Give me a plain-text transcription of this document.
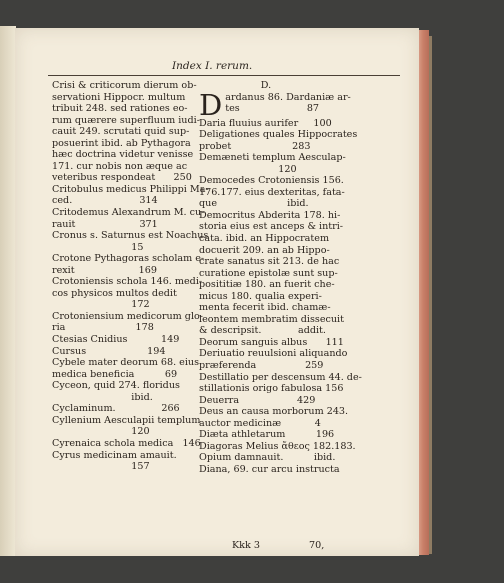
Index I. rerum.
Crisi & criticorum dierum ob-
servationi Hippocr. multum
tribuit 248. sed rationes eo-
rum quærere superfluum iudi-
cauit 249. scrutati quid sup-
posuerint ibid. ab Pythagora
hæc doctrina videtur venisse
171. cur nobis non æque ac
veteribus respondeat      250
Critobulus medicus Philippi Ma-
ced.                      314
Critodemus Alexandrum M. cu-
rauit                     371
Cronus s. Saturnus est Noachus
15
Crotone Pythagoras scholam e-
rexit                     169
Crotoniensis schola 146. medi-
cos physicos multos dedit
172
Crotoniensium medicorum glo-
ria                       178
Ctesias Cnidius           149
Cursus                    194
Cybele mater deorum 68. eius
medica beneficia          69
Cyceon, quid 274. floridus
ibid.
Cyclaminum.               266
Cyllenium Aesculapii templum
120
Cyrenaica schola medica   146
Cyrus medicinam amauit.
157
D.
D ardanus 86. Dardaniæ ar-
tes                      87
Daria fluuius aurifer     100
Deligationes quales Hippocrates
probet                    283
Demæneti templum Aesculap-
120
Democedes Crotoniensis 156.
176.177. eius dexteritas, fata-
que                       ibid.
Democritus Abderita 178. hi-
storia eius est anceps & intri-
cata. ibid. an Hippocratem
docuerit 209. an ab Hippo-
crate sanatus sit 213. de hac
curatione epistolæ sunt sup-
posititiæ 180. an fuerit che-
micus 180. qualia experi-
menta fecerit ibid. chamæ-
leontem membratim dissecuit
& descripsit.            addit.
Deorum sanguis albus      111
Deriuatio reuulsioni aliquando
præferenda                259
Destillatio per descensum 44. de-
stillationis origo fabulosa 156
Deuerra                   429
Deus an causa morborum 243.
auctor medicinæ           4
Diæta athletarum          196
Diagoras Melius ἄθεος 182.183.
Opium damnauit.          ibid.
Diana, 69. cur arcu instructa
Kkk 3	70,
